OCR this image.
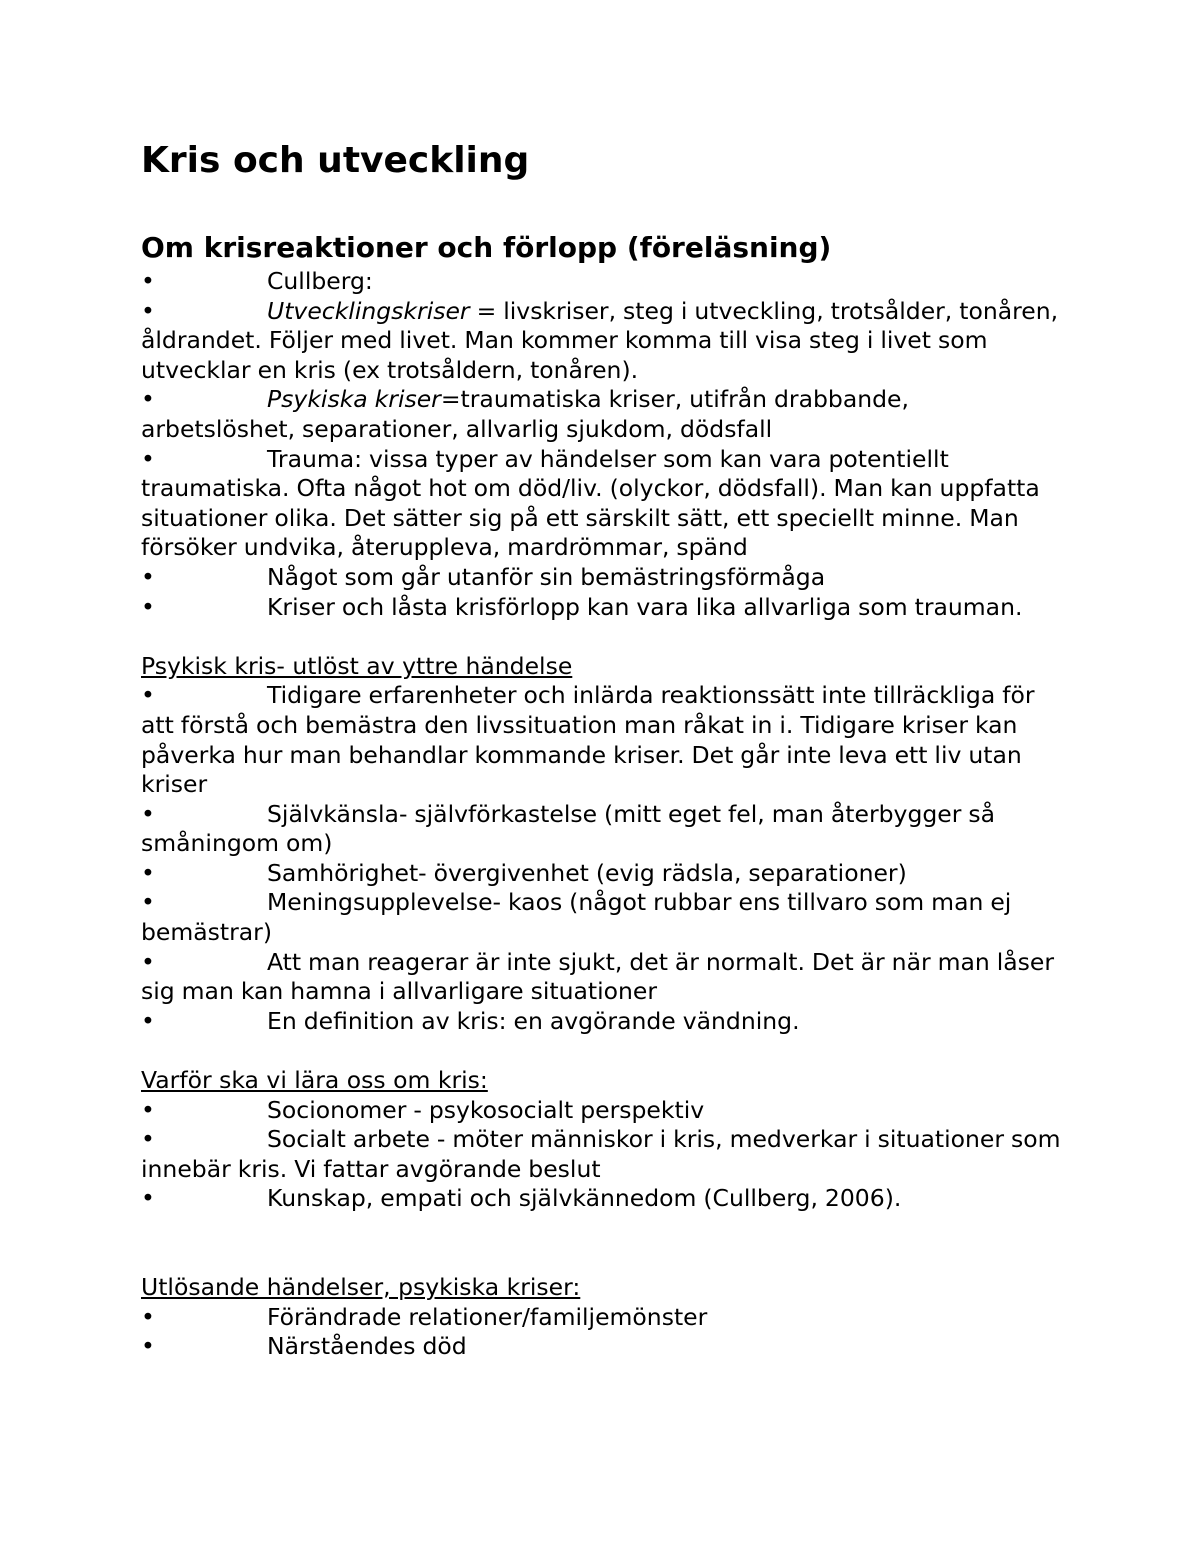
Kris och utveckling
Om krisreaktioner och förlopp (föreläsning)

•	Cullberg:

•	Utvecklingskriser = livskriser, steg i utveckling, trotsålder, tonåren, åldrandet. Följer med livet. Man kommer komma till visa steg i livet som utvecklar en kris (ex trotsåldern, tonåren).

•	Psykiska kriser=traumatiska kriser, utifrån drabbande, arbetslöshet, separationer, allvarlig sjukdom, dödsfall

•	Trauma: vissa typer av händelser som kan vara potentiellt traumatiska. Ofta något hot om död/liv. (olyckor, dödsfall). Man kan uppfatta situationer olika. Det sätter sig på ett särskilt sätt, ett speciellt minne. Man försöker undvika, återuppleva, mardrömmar, spänd

•	Något som går utanför sin bemästringsförmåga

•	Kriser och låsta krisförlopp kan vara lika allvarliga som trauman.

Psykisk kris- utlöst av yttre händelse

•	Tidigare erfarenheter och inlärda reaktionssätt inte tillräckliga för att förstå och bemästra den livssituation man råkat in i. Tidigare kriser kan påverka hur man behandlar kommande kriser. Det går inte leva ett liv utan kriser

•	Självkänsla- självförkastelse (mitt eget fel, man återbygger så småningom om)

•	Samhörighet- övergivenhet (evig rädsla, separationer)

•	Meningsupplevelse- kaos (något rubbar ens tillvaro som man ej bemästrar)

•	Att man reagerar är inte sjukt, det är normalt. Det är när man låser sig man kan hamna i allvarligare situationer

•	En definition av kris: en avgörande vändning.

Varför ska vi lära oss om kris:

•	Socionomer - psykosocialt perspektiv

•	Socialt arbete - möter människor i kris, medverkar i situationer som innebär kris. Vi fattar avgörande beslut

•	Kunskap, empati och självkännedom (Cullberg, 2006).

Utlösande händelser, psykiska kriser:

•	Förändrade relationer/familjemönster

•	Närståendes död
